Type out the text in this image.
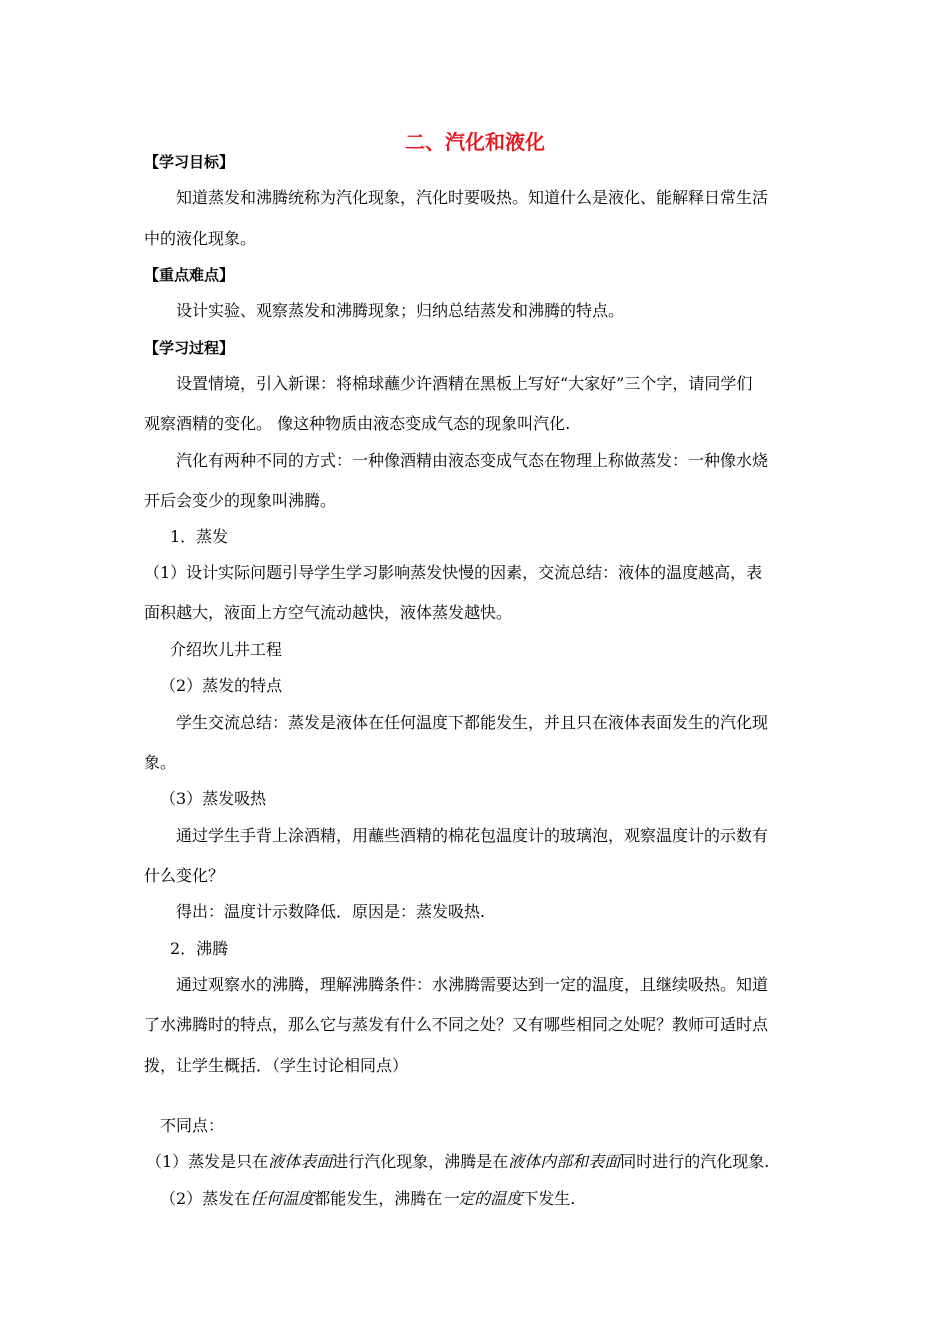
二、汽化和液化
【学习目标】
知道蒸发和沸腾统称为汽化现象，汽化时要吸热。知道什么是液化、能解释日常生活
中的液化现象。
【重点难点】
设计实验、观察蒸发和沸腾现象；归纳总结蒸发和沸腾的特点。
【学习过程】
设置情境，引入新课：将棉球蘸少许酒精在黑板上写好“大家好”三个字，请同学们
观察酒精的变化。 像这种物质由液态变成气态的现象叫汽化.
汽化有两种不同的方式：一种像酒精由液态变成气态在物理上称做蒸发：一种像水烧
开后会变少的现象叫沸腾。
1．蒸发
（1）设计实际问题引导学生学习影响蒸发快慢的因素，交流总结：液体的温度越高，表
面积越大，液面上方空气流动越快，液体蒸发越快。
介绍坎儿井工程
（2）蒸发的特点
学生交流总结：蒸发是液体在任何温度下都能发生，并且只在液体表面发生的汽化现
象。
（3）蒸发吸热
通过学生手背上涂酒精，用蘸些酒精的棉花包温度计的玻璃泡，观察温度计的示数有
什么变化？
得出：温度计示数降低．原因是：蒸发吸热.
2．沸腾
通过观察水的沸腾，理解沸腾条件：水沸腾需要达到一定的温度，且继续吸热。知道
了水沸腾时的特点，那么它与蒸发有什么不同之处？又有哪些相同之处呢？教师可适时点
拨，让学生概括．（学生讨论相同点）
不同点：
（1）蒸发是只在液体表面进行汽化现象，沸腾是在液体内部和表面同时进行的汽化现象.
（2）蒸发在任何温度都能发生，沸腾在一定的温度下发生.
